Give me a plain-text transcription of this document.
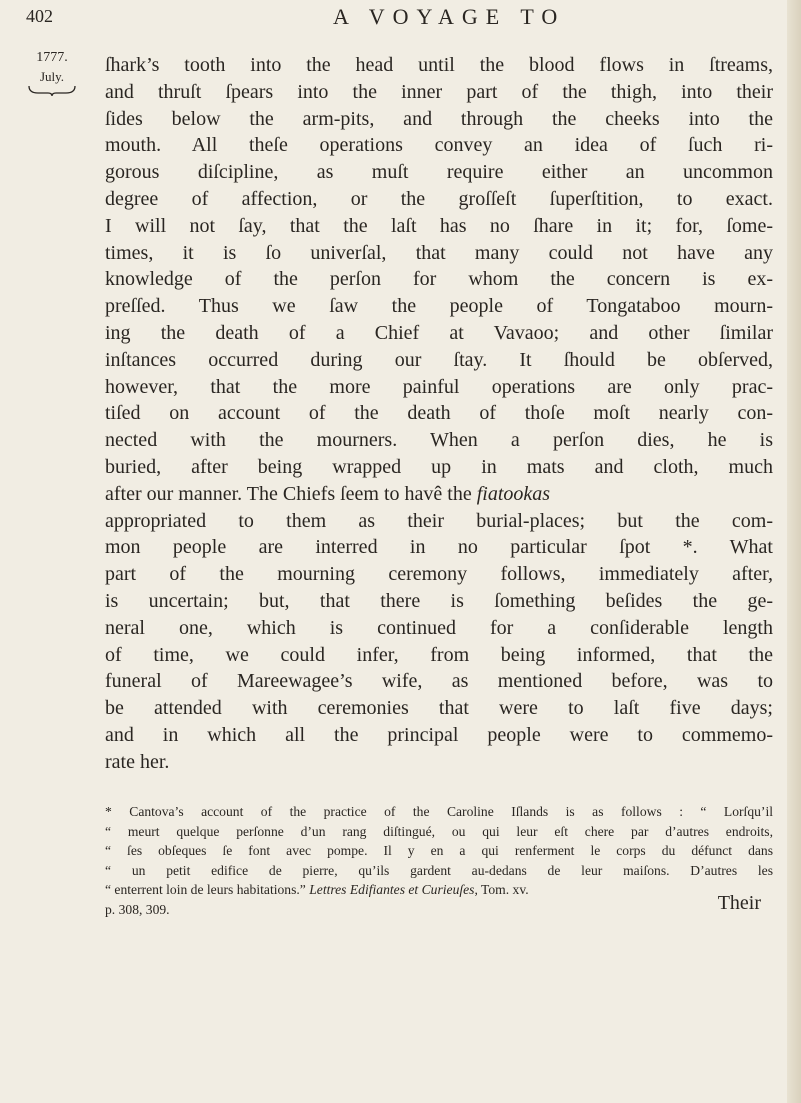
402	A VOYAGE TO
1777.
July.
ſhark’s tooth into the head until the blood flows in ſtreams,
and thruſt ſpears into the inner part of the thigh, into their
ſides below the arm-pits, and through the cheeks into the
mouth. All theſe operations convey an idea of ſuch ri-
gorous diſcipline, as muſt require either an uncommon
degree of affection, or the groſſeſt ſuperſtition, to exact.
I will not ſay, that the laſt has no ſhare in it; for, ſome-
times, it is ſo univerſal, that many could not have any
knowledge of the perſon for whom the concern is ex-
preſſed. Thus we ſaw the people of Tongataboo mourn-
ing the death of a Chief at Vavaoo; and other ſimilar
inſtances occurred during our ſtay. It ſhould be obſerved,
however, that the more painful operations are only prac-
tiſed on account of the death of thoſe moſt nearly con-
nected with the mourners. When a perſon dies, he is
buried, after being wrapped up in mats and cloth, much
after our manner. The Chiefs ſeem to havê the fiatookas
appropriated to them as their burial-places; but the com-
mon people are interred in no particular ſpot *. What
part of the mourning ceremony follows, immediately after,
is uncertain; but, that there is ſomething beſides the ge-
neral one, which is continued for a conſiderable length
of time, we could infer, from being informed, that the
funeral of Mareewagee’s wife, as mentioned before, was to
be attended with ceremonies that were to laſt five days;
and in which all the principal people were to commemo-
rate her.
* Cantova’s account of the practice of the Caroline Iſlands is as follows : “ Lorſqu’il
“ meurt quelque perſonne d’un rang diſtingué, ou qui leur eſt chere par d’autres endroits,
“ ſes obſeques ſe font avec pompe. Il y en a qui renferment le corps du défunct dans
“ un petit edifice de pierre, qu’ils gardent au-dedans de leur maiſons. D’autres les
“ enterrent loin de leurs habitations.” Lettres Edifiantes et Curieuſes, Tom. xv.
p. 308, 309.	Their
